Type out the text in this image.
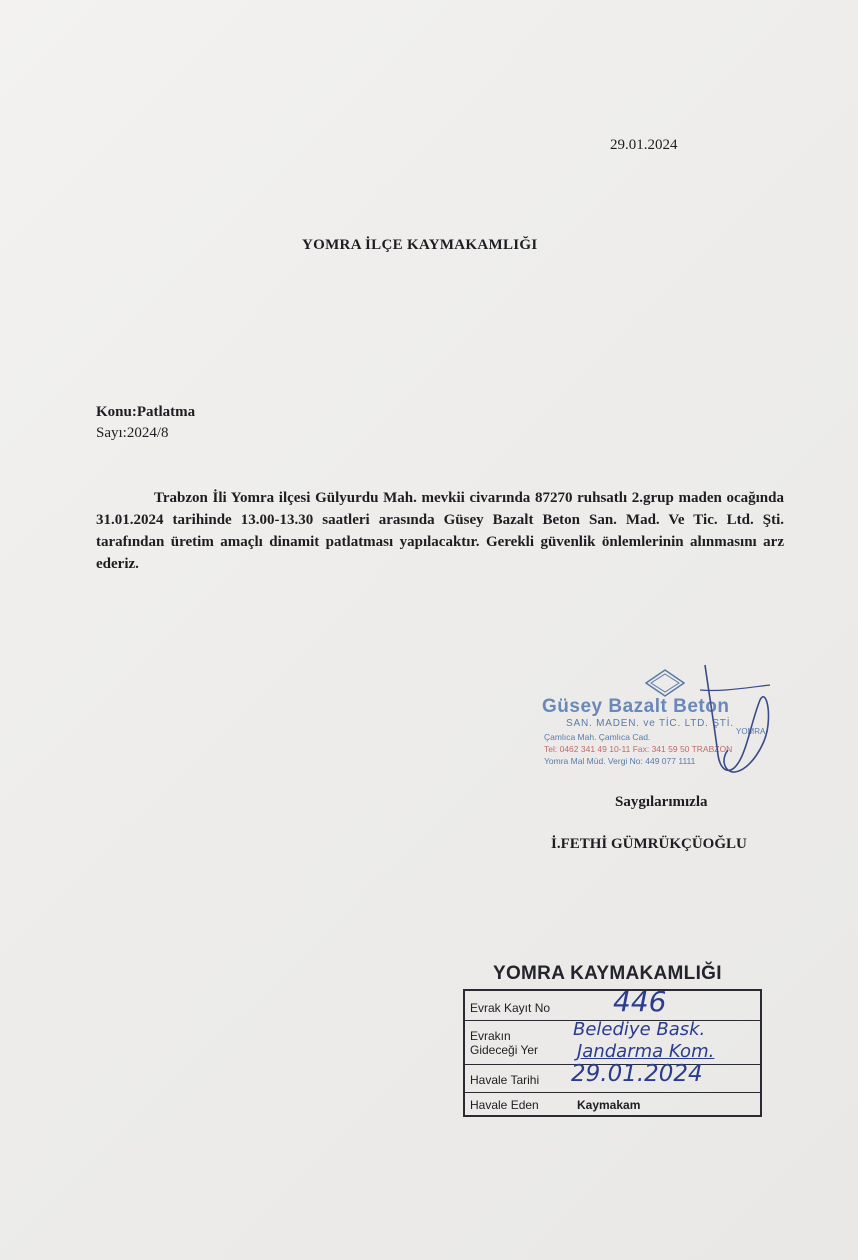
29.01.2024
YOMRA İLÇE KAYMAKAMLIĞI
Konu:Patlatma
Sayı:2024/8
Trabzon İli Yomra ilçesi Gülyurdu Mah. mevkii civarında 87270 ruhsatlı 2.grup maden ocağında 31.01.2024 tarihinde 13.00-13.30 saatleri arasında Güsey Bazalt Beton San. Mad. Ve Tic. Ltd. Şti. tarafından üretim amaçlı dinamit patlatması yapılacaktır. Gerekli güvenlik önlemlerinin alınmasını arz ederiz.
Güsey Bazalt Beton
SAN. MADEN. ve TİC. LTD. ŞTİ.
Çamlıca Mah. Çamlıca Cad.
Tel: 0462 341 49 10-11 Fax: 341 59 50 TRABZON
Yomra Mal Müd. Vergi No: 449 077 1111
YOMRA
Saygılarımızla
İ.FETHİ GÜMRÜKÇÜOĞLU
YOMRA KAYMAKAMLIĞI
Evrak Kayıt No 446
Evrakın Gideceği Yer
Belediye Bask.
Jandarma Kom.
Havale Tarihi 29.01.2024
Havale Eden	Kaymakam
